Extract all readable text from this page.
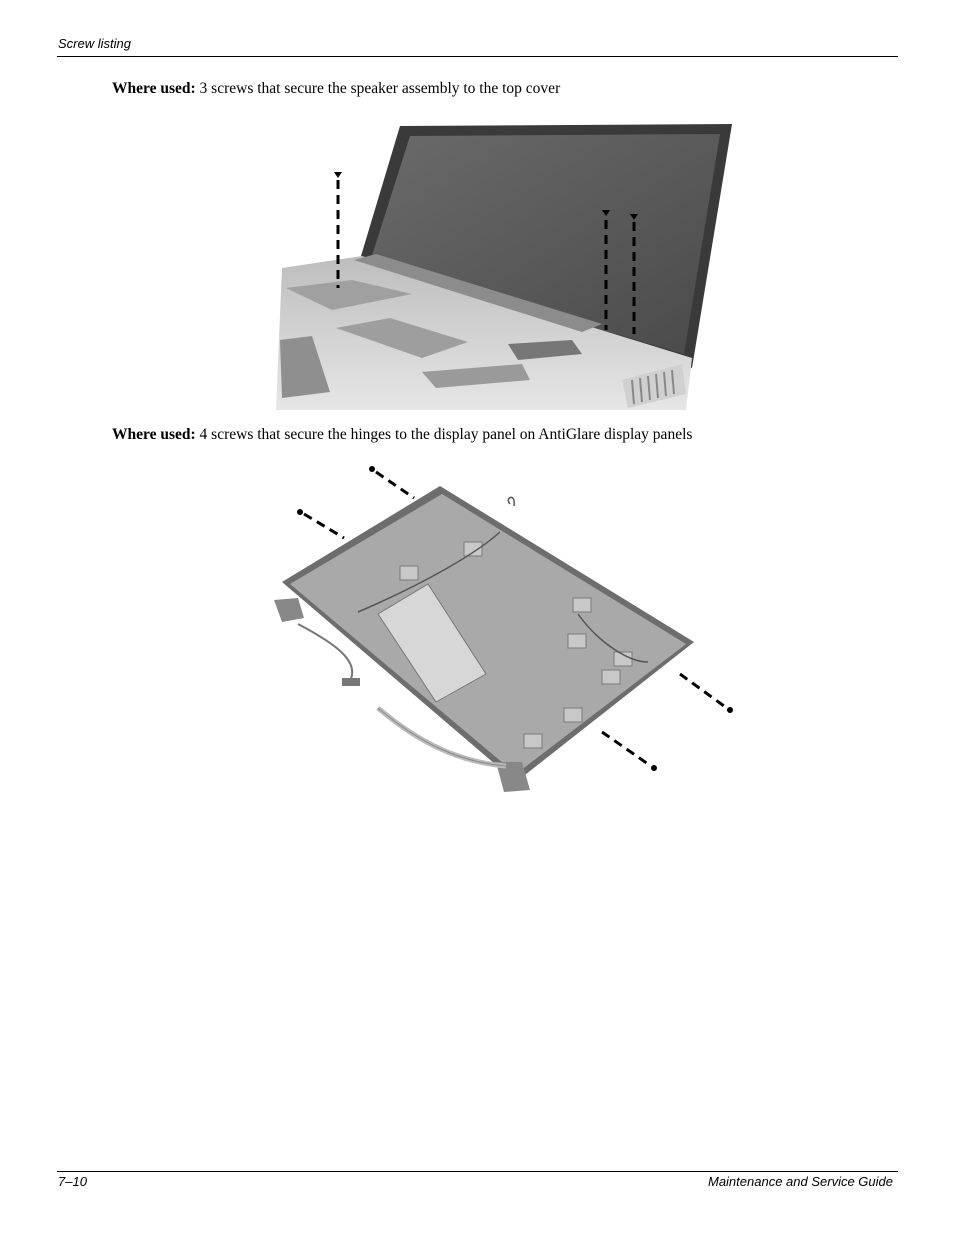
Screw listing
Where used: 3 screws that secure the speaker assembly to the top cover
Where used: 4 screws that secure the hinges to the display panel on AntiGlare display panels
7–10	Maintenance and Service Guide
